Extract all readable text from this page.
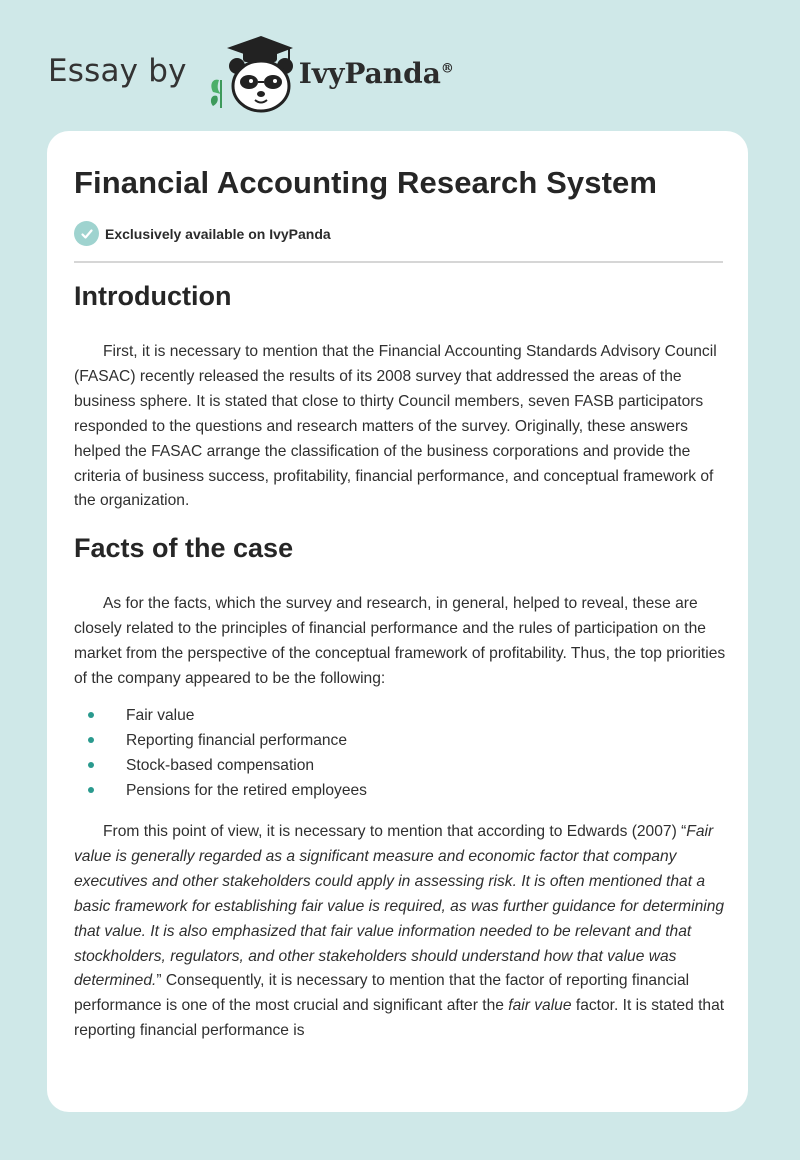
Essay by	IvyPanda®
Financial Accounting Research System
Exclusively available on IvyPanda
Introduction

First, it is necessary to mention that the Financial Accounting Standards Advisory Council (FASAC) recently released the results of its 2008 survey that addressed the areas of the business sphere. It is stated that close to thirty Council members, seven FASB participators responded to the questions and research matters of the survey. Originally, these answers helped the FASAC arrange the classification of the business corporations and provide the criteria of business success, profitability, financial performance, and conceptual framework of the organization.

Facts of the case

As for the facts, which the survey and research, in general, helped to reveal, these are closely related to the principles of financial performance and the rules of participation on the market from the perspective of the conceptual framework of profitability. Thus, the top priorities of the company appeared to be the following:

Fair value
Reporting financial performance
Stock-based compensation
Pensions for the retired employees

From this point of view, it is necessary to mention that according to Edwards (2007) “Fair value is generally regarded as a significant measure and economic factor that company executives and other stakeholders could apply in assessing risk. It is often mentioned that a basic framework for establishing fair value is required, as was further guidance for determining that value. It is also emphasized that fair value information needed to be relevant and that stockholders, regulators, and other stakeholders should understand how that value was determined.” Consequently, it is necessary to mention that the factor of reporting financial performance is one of the most crucial and significant after the fair value factor. It is stated that reporting financial performance is
